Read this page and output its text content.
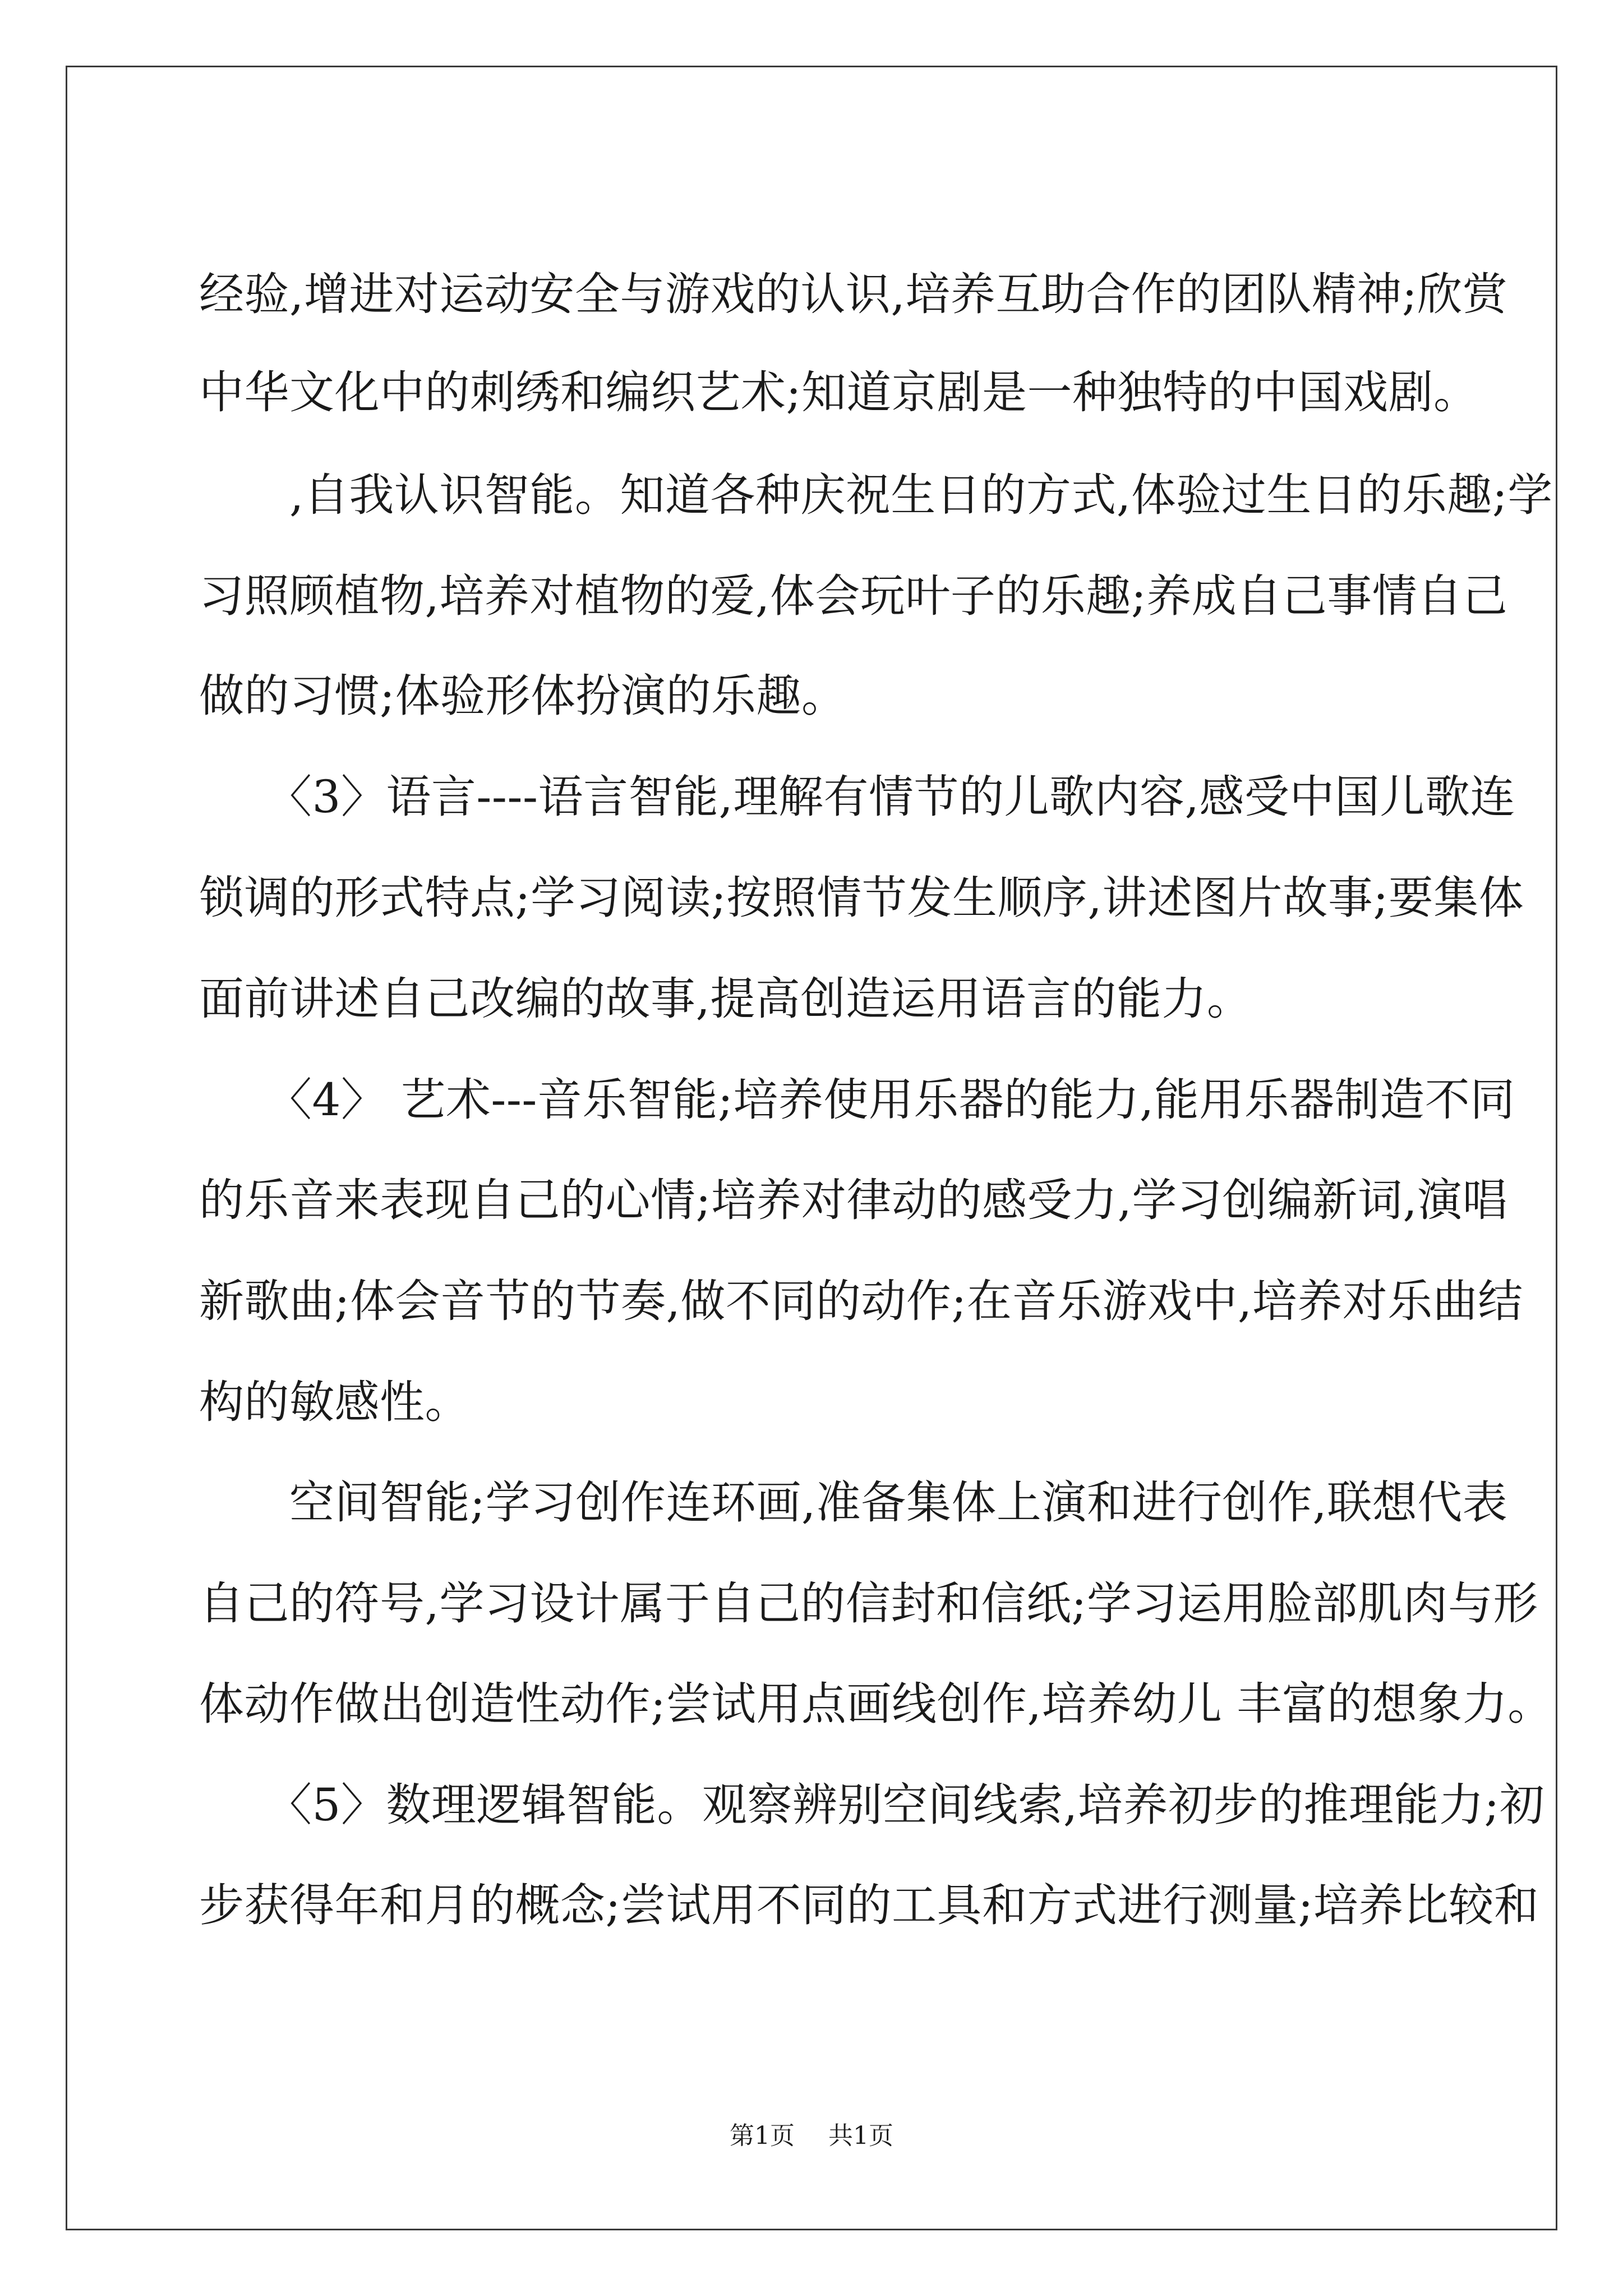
经验,增进对运动安全与游戏的认识,培养互助合作的团队精神;欣赏
中华文化中的刺绣和编织艺术;知道京剧是一种独特的中国戏剧。
　　,自我认识智能。知道各种庆祝生日的方式,体验过生日的乐趣;学
习照顾植物,培养对植物的爱,体会玩叶子的乐趣;养成自己事情自己
做的习惯;体验形体扮演的乐趣。
　　〈3〉语言----语言智能,理解有情节的儿歌内容,感受中国儿歌连
锁调的形式特点;学习阅读;按照情节发生顺序,讲述图片故事;要集体
面前讲述自己改编的故事,提高创造运用语言的能力。
　　〈4〉 艺术---音乐智能;培养使用乐器的能力,能用乐器制造不同
的乐音来表现自己的心情;培养对律动的感受力,学习创编新词,演唱
新歌曲;体会音节的节奏,做不同的动作;在音乐游戏中,培养对乐曲结
构的敏感性。
　　空间智能;学习创作连环画,准备集体上演和进行创作,联想代表
自己的符号,学习设计属于自己的信封和信纸;学习运用脸部肌肉与形
体动作做出创造性动作;尝试用点画线创作,培养幼儿 丰富的想象力。
　　〈5〉数理逻辑智能。观察辨别空间线索,培养初步的推理能力;初
步获得年和月的概念;尝试用不同的工具和方式进行测量;培养比较和
第1页 共1页
